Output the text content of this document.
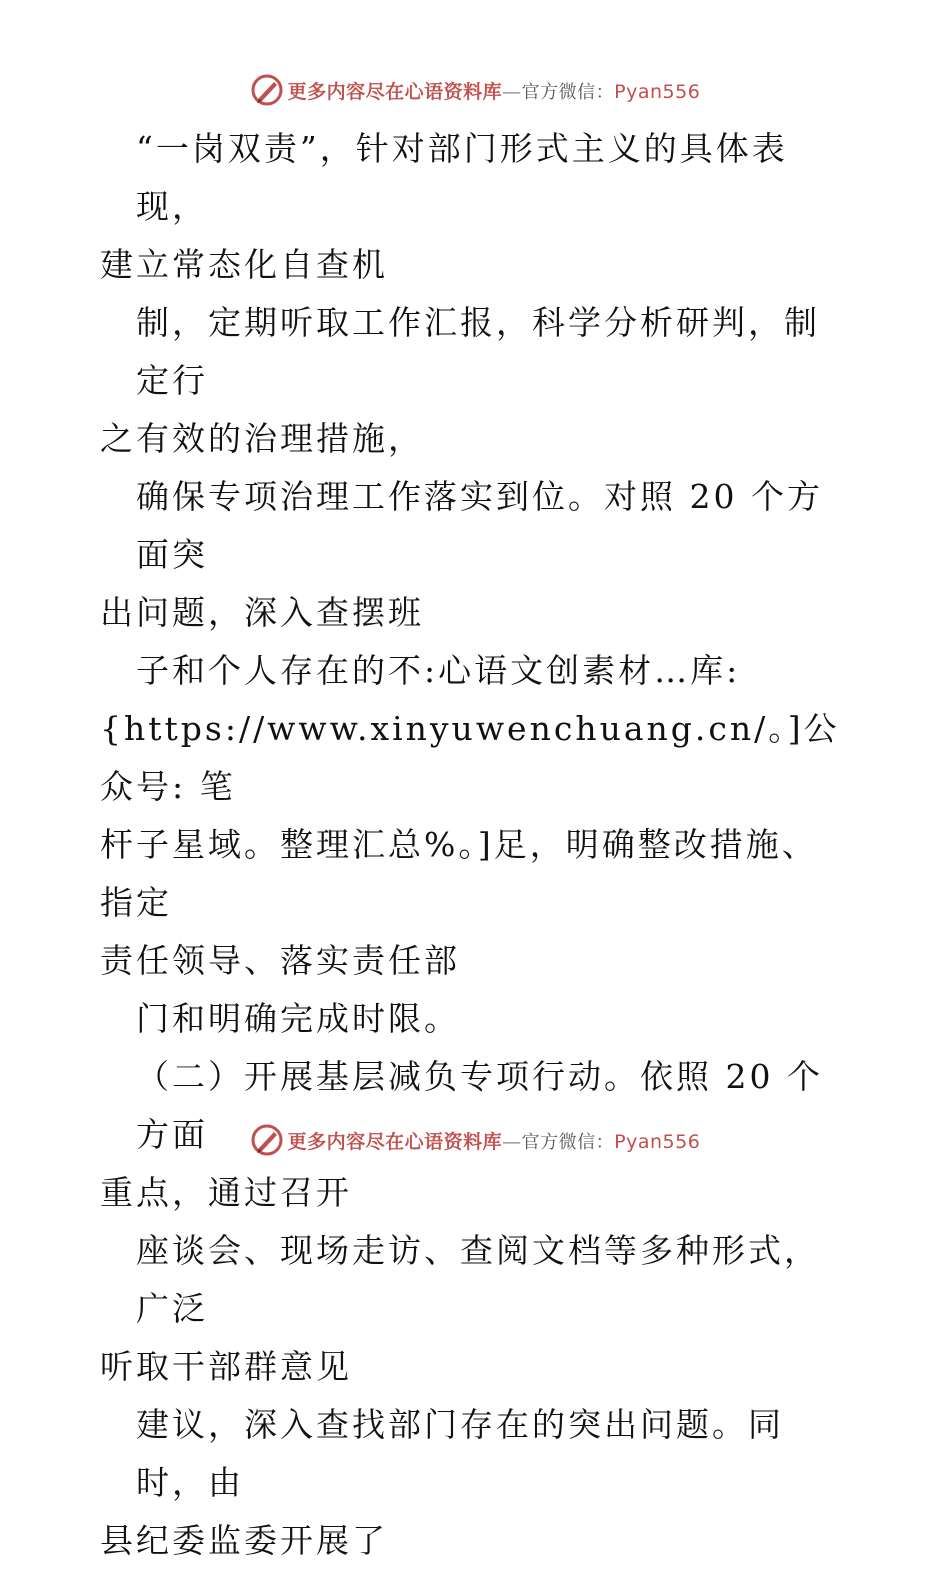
更多内容尽在心语资料库—官方微信：Pyan556

“一岗双责”，针对部门形式主义的具体表现，

建立常态化自查机

制，定期听取工作汇报，科学分析研判，制定行

之有效的治理措施，

确保专项治理工作落实到位。对照 20 个方面突

出问题，深入查摆班

子和个人存在的不:心语文创素材…库:

{https://www.xinyuwenchuang.cn/。]公众号: 笔

杆子星域。整理汇总%。]足，明确整改措施、指定

责任领导、落实责任部

门和明确完成时限。

（二）开展基层减负专项行动。依照 20 个方面

重点，通过召开

座谈会、现场走访、查阅文档等多种形式，广泛

听取干部群意见

建议，深入查找部门存在的突出问题。同时，由

县纪委监委开展了

更多内容尽在心语资料库—官方微信：Pyan556
